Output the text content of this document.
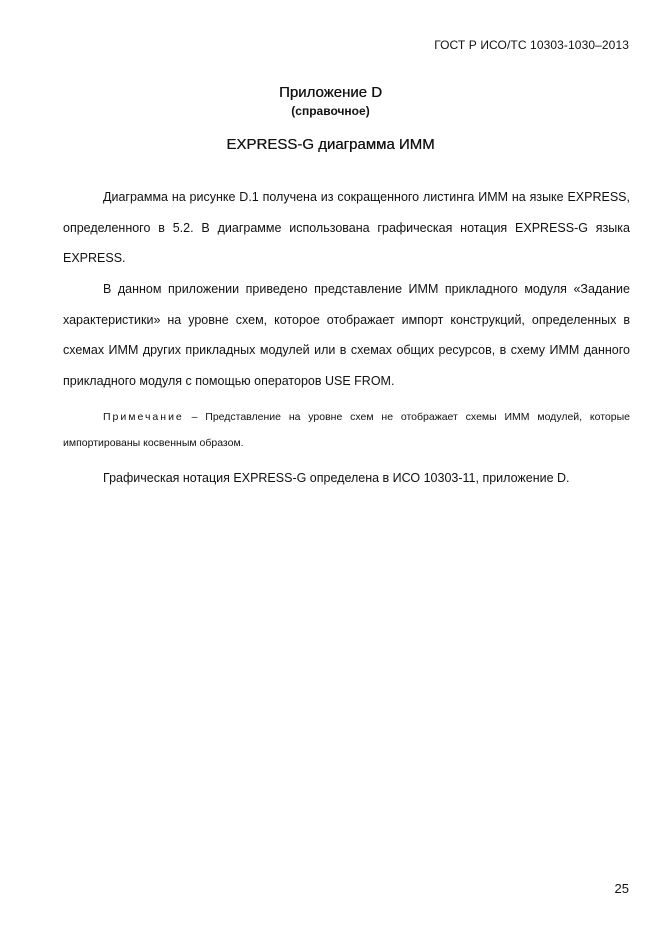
ГОСТ Р ИСО/ТС 10303-1030–2013
Приложение D
(справочное)
EXPRESS-G диаграмма ИММ

Диаграмма на рисунке D.1 получена из сокращенного листинга ИММ на языке EXPRESS, определенного в 5.2. В диаграмме использована графическая нотация EXPRESS-G языка EXPRESS.

В данном приложении приведено представление ИММ прикладного модуля «Задание характеристики» на уровне схем, которое отображает импорт конструкций, определенных в схемах ИММ других прикладных модулей или в схемах общих ресурсов, в схему ИММ данного прикладного модуля с помощью операторов USE FROM.

Примечание – Представление на уровне схем не отображает схемы ИММ модулей, которые импортированы косвенным образом.
Графическая нотация EXPRESS-G определена в ИСО 10303-11, приложение D.
25
